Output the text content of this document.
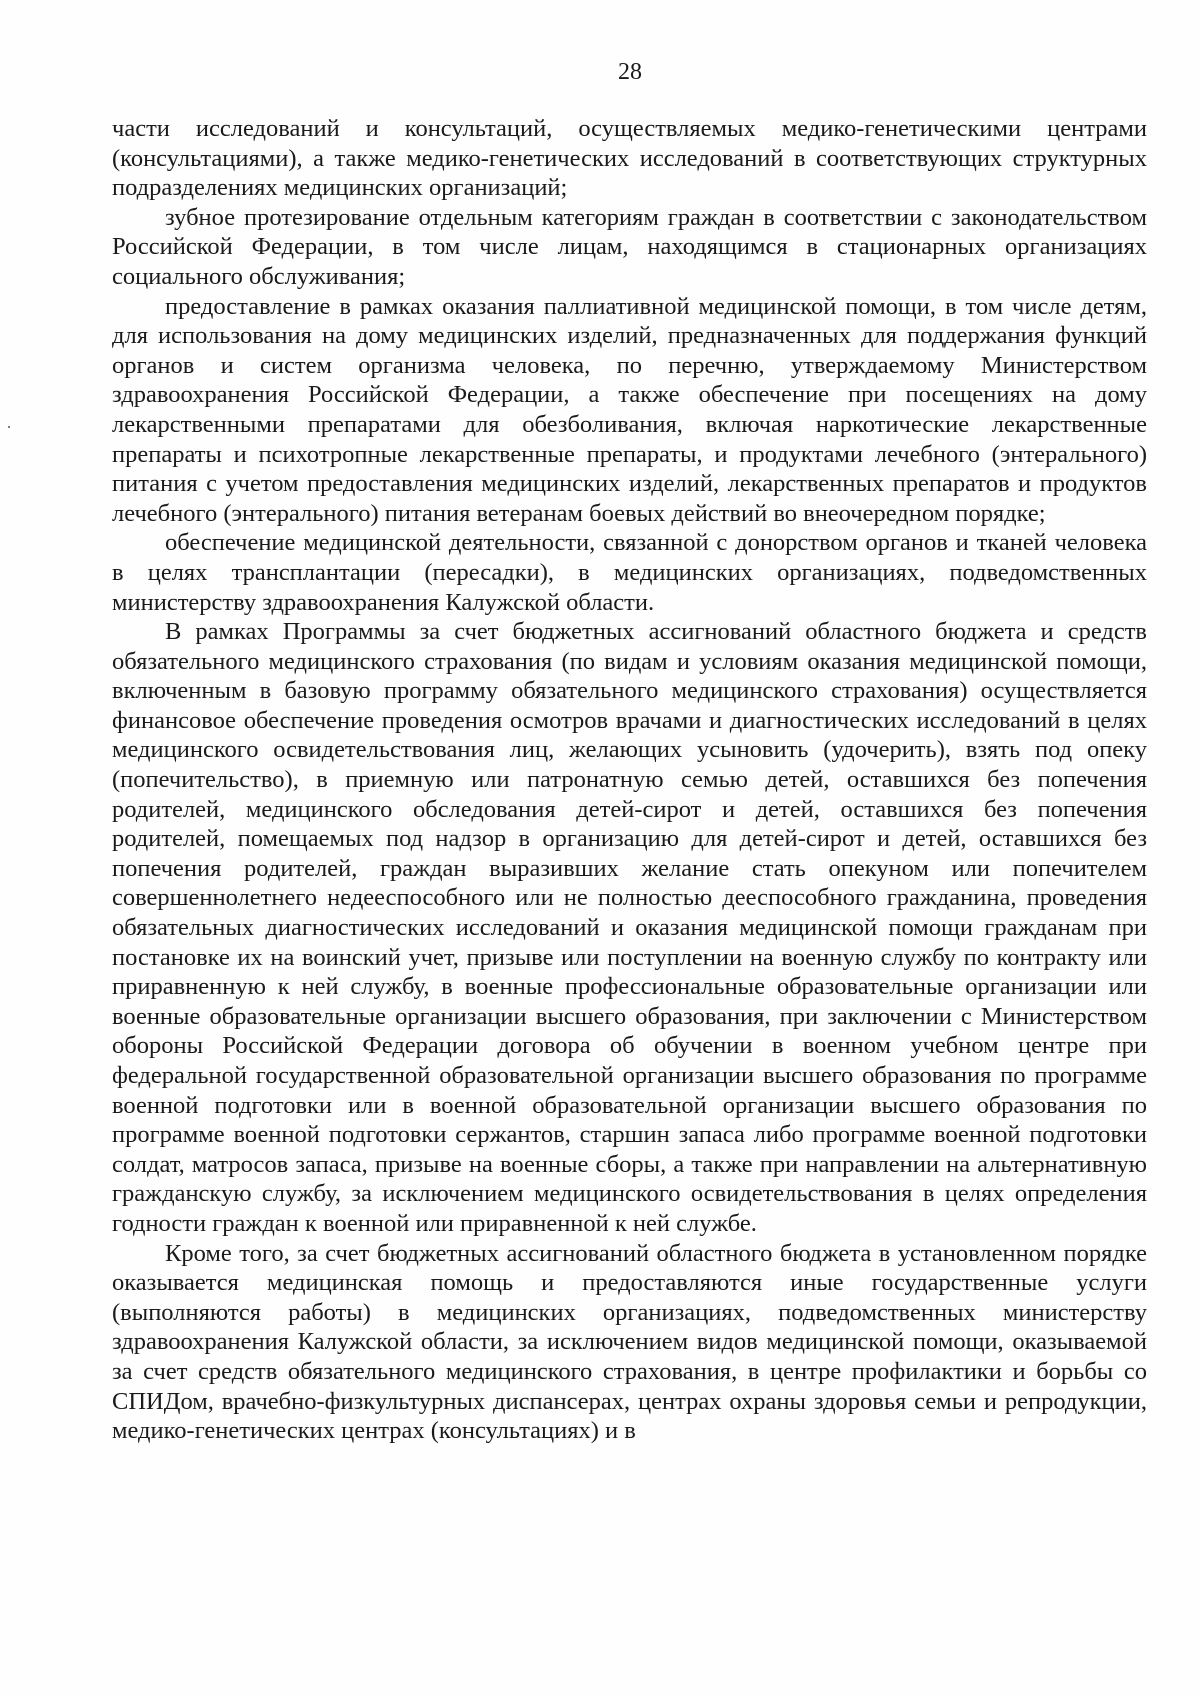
28

части исследований и консультаций, осуществляемых медико-генетическими центрами (консультациями), а также медико-генетических исследований в соответствующих структурных подразделениях медицинских организаций;

зубное протезирование отдельным категориям граждан в соответствии с законодательством Российской Федерации, в том числе лицам, находящимся в стационарных организациях социального обслуживания;

предоставление в рамках оказания паллиативной медицинской помощи, в том числе детям, для использования на дому медицинских изделий, предназначенных для поддержания функций органов и систем организма человека, по перечню, утверждаемому Министерством здравоохранения Российской Федерации, а также обеспечение при посещениях на дому лекарственными препаратами для обезболивания, включая наркотические лекарственные препараты и психотропные лекарственные препараты, и продуктами лечебного (энтерального) питания с учетом предоставления медицинских изделий, лекарственных препаратов и продуктов лечебного (энтерального) питания ветеранам боевых действий во внеочередном порядке;

обеспечение медицинской деятельности, связанной с донорством органов и тканей человека в целях трансплантации (пересадки), в медицинских организациях, подведомственных министерству здравоохранения Калужской области.

В рамках Программы за счет бюджетных ассигнований областного бюджета и средств обязательного медицинского страхования (по видам и условиям оказания медицинской помощи, включенным в базовую программу обязательного медицинского страхования) осуществляется финансовое обеспечение проведения осмотров врачами и диагностических исследований в целях медицинского освидетельствования лиц, желающих усыновить (удочерить), взять под опеку (попечительство), в приемную или патронатную семью детей, оставшихся без попечения родителей, медицинского обследования детей-сирот и детей, оставшихся без попечения родителей, помещаемых под надзор в организацию для детей-сирот и детей, оставшихся без попечения родителей, граждан выразивших желание стать опекуном или попечителем совершеннолетнего недееспособного или не полностью дееспособного гражданина, проведения обязательных диагностических исследований и оказания медицинской помощи гражданам при постановке их на воинский учет, призыве или поступлении на военную службу по контракту или приравненную к ней службу, в военные профессиональные образовательные организации или военные образовательные организации высшего образования, при заключении с Министерством обороны Российской Федерации договора об обучении в военном учебном центре при федеральной государственной образовательной организации высшего образования по программе военной подготовки или в военной образовательной организации высшего образования по программе военной подготовки сержантов, старшин запаса либо программе военной подготовки солдат, матросов запаса, призыве на военные сборы, а также при направлении на альтернативную гражданскую службу, за исключением медицинского освидетельствования в целях определения годности граждан к военной или приравненной к ней службе.

Кроме того, за счет бюджетных ассигнований областного бюджета в установленном порядке оказывается медицинская помощь и предоставляются иные государственные услуги (выполняются работы) в медицинских организациях, подведомственных министерству здравоохранения Калужской области, за исключением видов медицинской помощи, оказываемой за счет средств обязательного медицинского страхования, в центре профилактики и борьбы со СПИДом, врачебно-физкультурных диспансерах, центрах охраны здоровья семьи и репродукции, медико-генетических центрах (консультациях) и в
